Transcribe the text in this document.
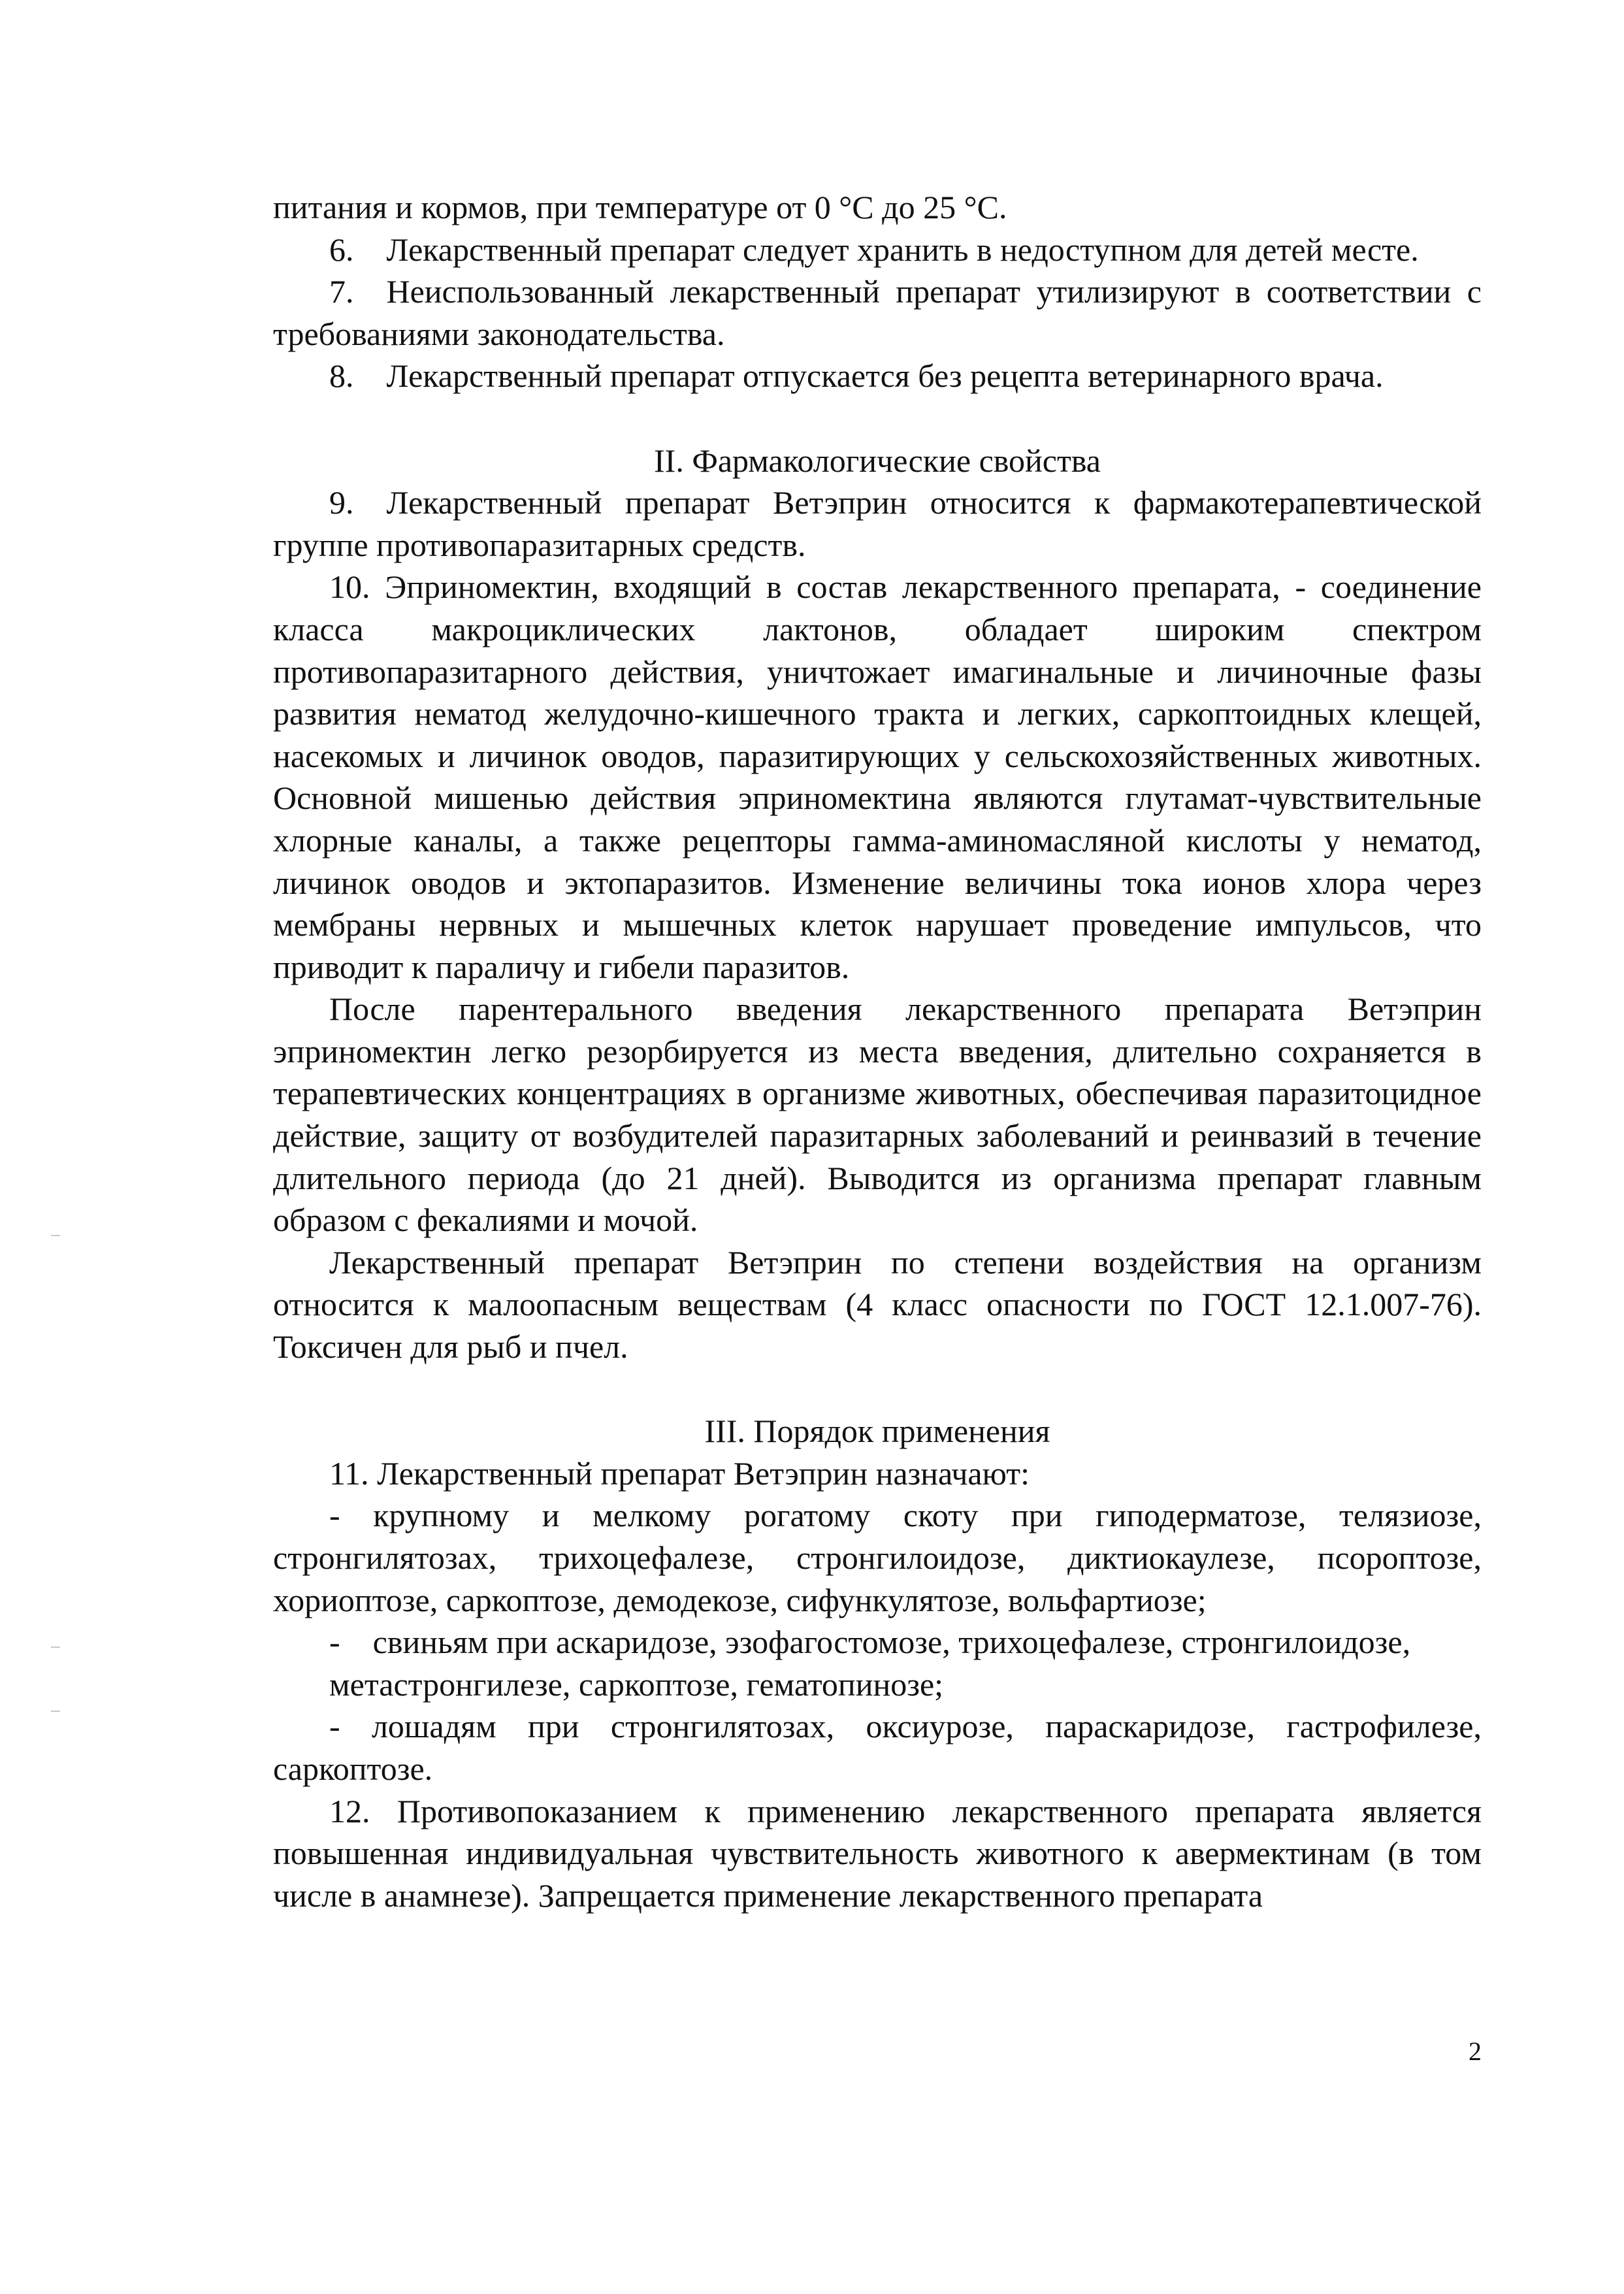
питания и кормов, при температуре от 0 °С до 25 °С.

6. Лекарственный препарат следует хранить в недоступном для детей месте.

7. Неиспользованный лекарственный препарат утилизируют в соответствии с требованиями законодательства.

8. Лекарственный препарат отпускается без рецепта ветеринарного врача.

II. Фармакологические свойства

9. Лекарственный препарат Ветэприн относится к фармакотерапевтической группе противопаразитарных средств.

10. Эприномектин, входящий в состав лекарственного препарата, - соединение класса макроциклических лактонов, обладает широким спектром противопаразитарного действия, уничтожает имагинальные и личиночные фазы развития нематод желудочно-кишечного тракта и легких, саркоптоидных клещей, насекомых и личинок оводов, паразитирующих у сельскохозяйственных животных. Основной мишенью действия эприномектина являются глутамат-чувствительные хлорные каналы, а также рецепторы гамма-аминомасляной кислоты у нематод, личинок оводов и эктопаразитов. Изменение величины тока ионов хлора через мембраны нервных и мышечных клеток нарушает проведение импульсов, что приводит к параличу и гибели паразитов.

После парентерального введения лекарственного препарата Ветэприн эприномектин легко резорбируется из места введения, длительно сохраняется в терапевтических концентрациях в организме животных, обеспечивая паразитоцидное действие, защиту от возбудителей паразитарных заболеваний и реинвазий в течение длительного периода (до 21 дней). Выводится из организма препарат главным образом с фекалиями и мочой.

Лекарственный препарат Ветэприн по степени воздействия на организм относится к малоопасным веществам (4 класс опасности по ГОСТ 12.1.007-76). Токсичен для рыб и пчел.

III. Порядок применения

11. Лекарственный препарат Ветэприн назначают:

- крупному и мелкому рогатому скоту при гиподерматозе, телязиозе, стронгилятозах, трихоцефалезе, стронгилоидозе, диктиокаулезе, псороптозе, хориоптозе, саркоптозе, демодекозе, сифункулятозе, вольфартиозе;

- свиньям при аскаридозе, эзофагостомозе, трихоцефалезе, стронгилоидозе,

метастронгилезе, саркоптозе, гематопинозе;

- лошадям при стронгилятозах, оксиурозе, параскаридозе, гастрофилезе, саркоптозе.

12. Противопоказанием к применению лекарственного препарата является повышенная индивидуальная чувствительность животного к авермектинам (в том числе в анамнезе). Запрещается применение лекарственного препарата

2
